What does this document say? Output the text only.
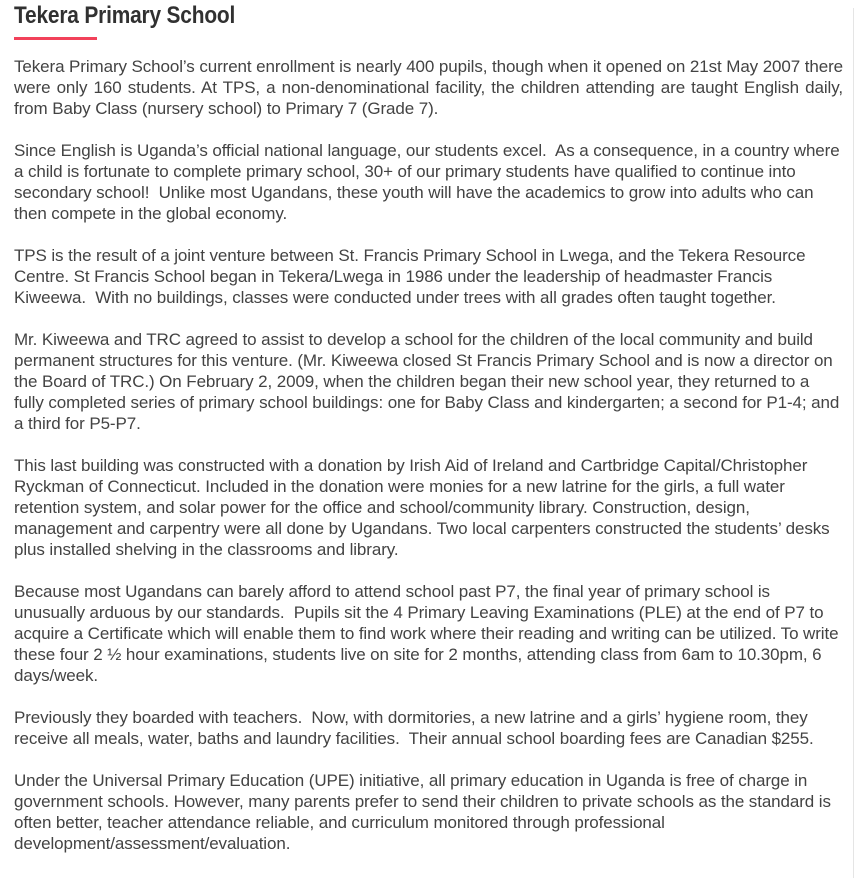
Tekera Primary School

Tekera Primary School’s current enrollment is nearly 400 pupils, though when it opened on 21st May 2007 there were only 160 students. At TPS, a non-denominational facility, the children attending are taught English daily, from Baby Class (nursery school) to Primary 7 (Grade 7).

Since English is Uganda’s official national language, our students excel.  As a consequence, in a country where a child is fortunate to complete primary school, 30+ of our primary students have qualified to continue into secondary school!  Unlike most Ugandans, these youth will have the academics to grow into adults who can then compete in the global economy.

TPS is the result of a joint venture between St. Francis Primary School in Lwega, and the Tekera Resource Centre. St Francis School began in Tekera/Lwega in 1986 under the leadership of headmaster Francis Kiweewa.  With no buildings, classes were conducted under trees with all grades often taught together.

Mr. Kiweewa and TRC agreed to assist to develop a school for the children of the local community and build permanent structures for this venture. (Mr. Kiweewa closed St Francis Primary School and is now a director on the Board of TRC.) On February 2, 2009, when the children began their new school year, they returned to a fully completed series of primary school buildings: one for Baby Class and kindergarten; a second for P1-4; and a third for P5-P7.

This last building was constructed with a donation by Irish Aid of Ireland and Cartbridge Capital/Christopher Ryckman of Connecticut. Included in the donation were monies for a new latrine for the girls, a full water retention system, and solar power for the office and school/community library. Construction, design, management and carpentry were all done by Ugandans. Two local carpenters constructed the students’ desks plus installed shelving in the classrooms and library.

Because most Ugandans can barely afford to attend school past P7, the final year of primary school is unusually arduous by our standards.  Pupils sit the 4 Primary Leaving Examinations (PLE) at the end of P7 to acquire a Certificate which will enable them to find work where their reading and writing can be utilized. To write these four 2 ½ hour examinations, students live on site for 2 months, attending class from 6am to 10.30pm, 6 days/week.

Previously they boarded with teachers.  Now, with dormitories, a new latrine and a girls’ hygiene room, they receive all meals, water, baths and laundry facilities.  Their annual school boarding fees are Canadian $255.

Under the Universal Primary Education (UPE) initiative, all primary education in Uganda is free of charge in government schools. However, many parents prefer to send their children to private schools as the standard is often better, teacher attendance reliable, and curriculum monitored through professional development/assessment/evaluation.
